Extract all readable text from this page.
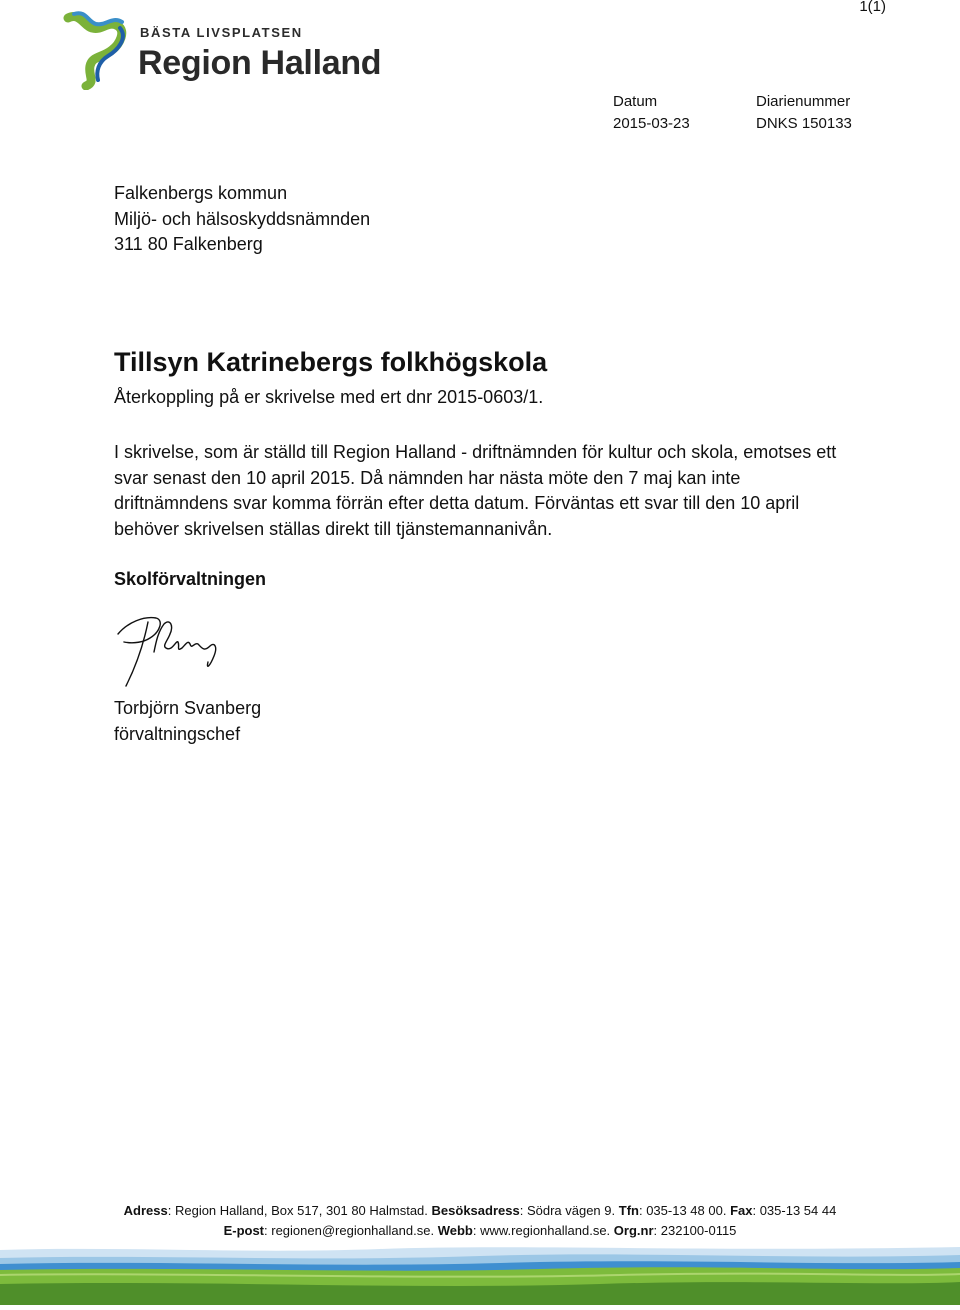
BÄSTA LIVSPLATSEN
Region Halland
1(1)
Datum
2015-03-23
Diarienummer
DNKS 150133
Falkenbergs kommun
Miljö- och hälsoskyddsnämnden
311 80 Falkenberg
Tillsyn Katrinebergs folkhögskola
Återkoppling på er skrivelse med ert dnr 2015-0603/1.

I skrivelse, som är ställd till Region Halland - driftnämnden för kultur och skola, emotses ett svar senast den 10 april 2015. Då nämnden har nästa möte den 7 maj kan inte driftnämndens svar komma förrän efter detta datum. Förväntas ett svar till den 10 april behöver skrivelsen ställas direkt till tjänstemannanivån.

Skolförvaltningen
Torbjörn Svanberg
förvaltningschef
Adress: Region Halland, Box 517, 301 80 Halmstad. Besöksadress: Södra vägen 9. Tfn: 035-13 48 00. Fax: 035-13 54 44
E-post: regionen@regionhalland.se. Webb: www.regionhalland.se. Org.nr: 232100-0115
